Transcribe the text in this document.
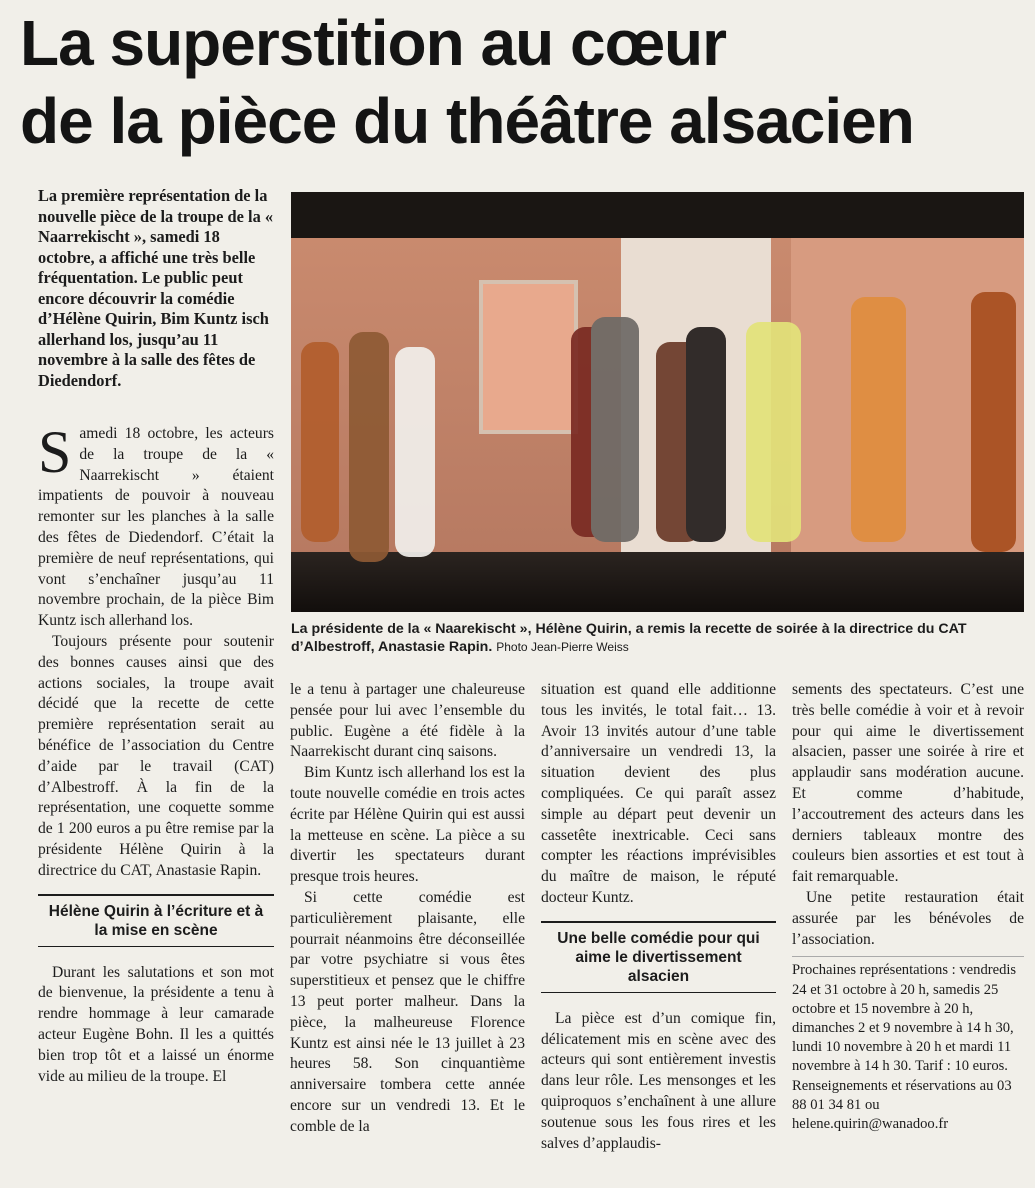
La superstition au cœur
de la pièce du théâtre alsacien
La première représentation de la nouvelle pièce de la troupe de la « Naarrekischt », samedi 18 octobre, a affiché une très belle fréquentation. Le public peut encore découvrir la comédie d’Hélène Quirin, Bim Kuntz isch allerhand los, jusqu’au 11 novembre à la salle des fêtes de Diedendorf.
La présidente de la « Naarekischt », Hélène Quirin, a remis la recette de soirée à la directrice du CAT d’Albestroff, Anastasie Rapin. Photo Jean-Pierre Weiss

Samedi 18 octobre, les acteurs de la troupe de la « Naarrekischt » étaient impatients de pouvoir à nouveau remonter sur les planches à la salle des fêtes de Diedendorf. C’était la première de neuf représentations, qui vont s’enchaîner jusqu’au 11 novembre prochain, de la pièce Bim Kuntz isch allerhand los.

Toujours présente pour soutenir des bonnes causes ainsi que des actions sociales, la troupe avait décidé que la recette de cette première représentation serait au bénéfice de l’association du Centre d’aide par le travail (CAT) d’Albestroff. À la fin de la représentation, une coquette somme de 1 200 euros a pu être remise par la présidente Hélène Quirin à la directrice du CAT, Anastasie Rapin.

Hélène Quirin à l’écriture et à la mise en scène

Durant les salutations et son mot de bienvenue, la présidente a tenu à rendre hommage à leur camarade acteur Eugène Bohn. Il les a quittés bien trop tôt et a laissé un énorme vide au milieu de la troupe. El

le a tenu à partager une chaleureuse pensée pour lui avec l’ensemble du public. Eugène a été fidèle à la Naarrekischt durant cinq saisons.

Bim Kuntz isch allerhand los est la toute nouvelle comédie en trois actes écrite par Hélène Quirin qui est aussi la metteuse en scène. La pièce a su divertir les spectateurs durant presque trois heures.

Si cette comédie est particulièrement plaisante, elle pourrait néanmoins être déconseillée par votre psychiatre si vous êtes superstitieux et pensez que le chiffre 13 peut porter malheur. Dans la pièce, la malheureuse Florence Kuntz est ainsi née le 13 juillet à 23 heures 58. Son cinquantième anniversaire tombera cette année encore sur un vendredi 13. Et le comble de la

situation est quand elle additionne tous les invités, le total fait… 13. Avoir 13 invités autour d’une table d’anniversaire un vendredi 13, la situation devient des plus compliquées. Ce qui paraît assez simple au départ peut devenir un cassetête inextricable. Ceci sans compter les réactions imprévisibles du maître de maison, le réputé docteur Kuntz.

Une belle comédie pour qui aime le divertissement alsacien

La pièce est d’un comique fin, délicatement mis en scène avec des acteurs qui sont entièrement investis dans leur rôle. Les mensonges et les quiproquos s’enchaînent à une allure soutenue sous les fous rires et les salves d’applaudis-

sements des spectateurs. C’est une très belle comédie à voir et à revoir pour qui aime le divertissement alsacien, passer une soirée à rire et applaudir sans modération aucune. Et comme d’habitude, l’accoutrement des acteurs dans les derniers tableaux montre des couleurs bien assorties et est tout à fait remarquable.

Une petite restauration était assurée par les bénévoles de l’association.

Prochaines représentations : vendredis 24 et 31 octobre à 20 h, samedis 25 octobre et 15 novembre à 20 h, dimanches 2 et 9 novembre à 14 h 30, lundi 10 novembre à 20 h et mardi 11 novembre à 14 h 30. Tarif : 10 euros. Renseignements et réservations au 03 88 01 34 81 ou helene.quirin@wanadoo.fr
